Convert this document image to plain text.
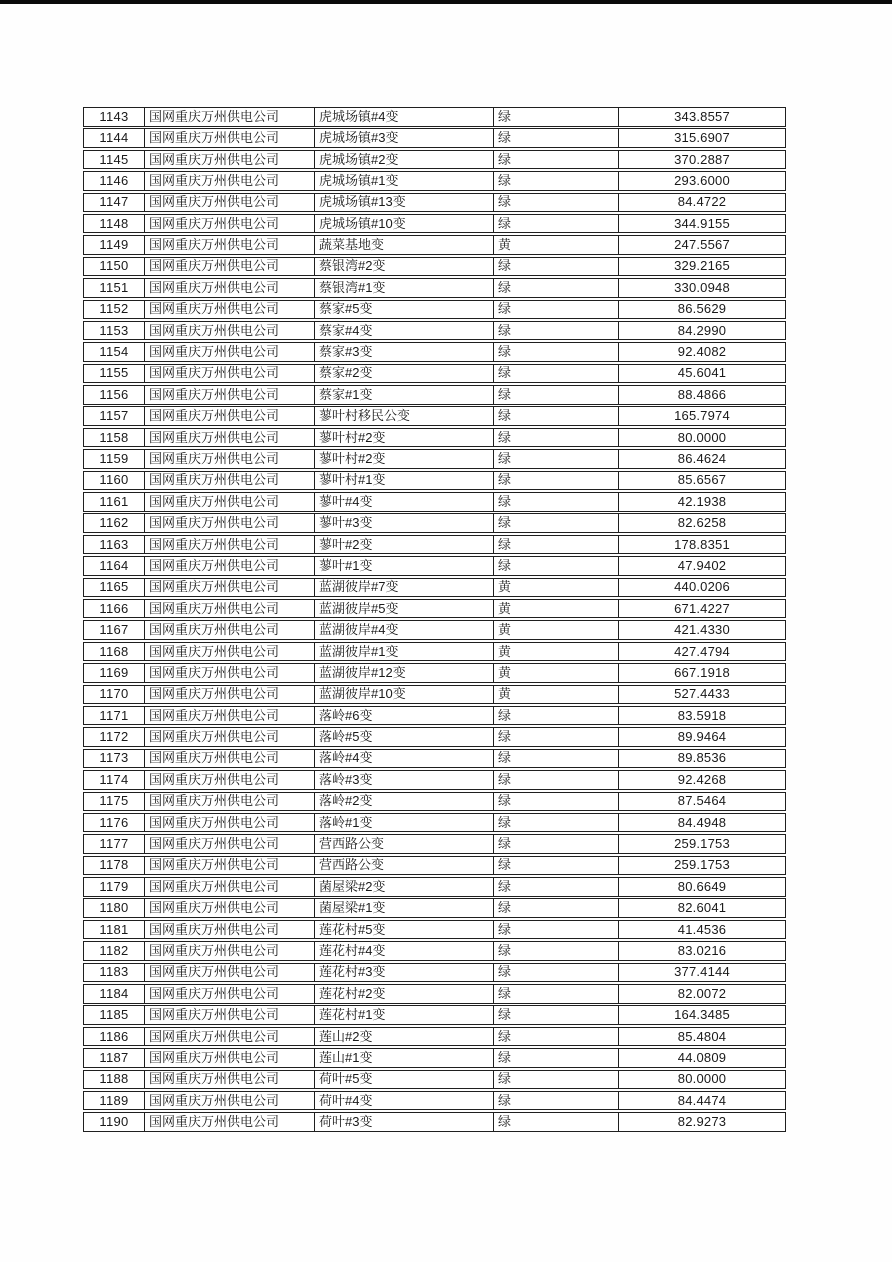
1143	国网重庆万州供电公司	虎城场镇#4变	绿	343.8557
1144	国网重庆万州供电公司	虎城场镇#3变	绿	315.6907
1145	国网重庆万州供电公司	虎城场镇#2变	绿	370.2887
1146	国网重庆万州供电公司	虎城场镇#1变	绿	293.6000
1147	国网重庆万州供电公司	虎城场镇#13变	绿	84.4722
1148	国网重庆万州供电公司	虎城场镇#10变	绿	344.9155
1149	国网重庆万州供电公司	蔬菜基地变	黄	247.5567
1150	国网重庆万州供电公司	蔡银湾#2变	绿	329.2165
1151	国网重庆万州供电公司	蔡银湾#1变	绿	330.0948
1152	国网重庆万州供电公司	蔡家#5变	绿	86.5629
1153	国网重庆万州供电公司	蔡家#4变	绿	84.2990
1154	国网重庆万州供电公司	蔡家#3变	绿	92.4082
1155	国网重庆万州供电公司	蔡家#2变	绿	45.6041
1156	国网重庆万州供电公司	蔡家#1变	绿	88.4866
1157	国网重庆万州供电公司	蓼叶村移民公变	绿	165.7974
1158	国网重庆万州供电公司	蓼叶村#2变	绿	80.0000
1159	国网重庆万州供电公司	蓼叶村#2变	绿	86.4624
1160	国网重庆万州供电公司	蓼叶村#1变	绿	85.6567
1161	国网重庆万州供电公司	蓼叶#4变	绿	42.1938
1162	国网重庆万州供电公司	蓼叶#3变	绿	82.6258
1163	国网重庆万州供电公司	蓼叶#2变	绿	178.8351
1164	国网重庆万州供电公司	蓼叶#1变	绿	47.9402
1165	国网重庆万州供电公司	蓝湖彼岸#7变	黄	440.0206
1166	国网重庆万州供电公司	蓝湖彼岸#5变	黄	671.4227
1167	国网重庆万州供电公司	蓝湖彼岸#4变	黄	421.4330
1168	国网重庆万州供电公司	蓝湖彼岸#1变	黄	427.4794
1169	国网重庆万州供电公司	蓝湖彼岸#12变	黄	667.1918
1170	国网重庆万州供电公司	蓝湖彼岸#10变	黄	527.4433
1171	国网重庆万州供电公司	落岭#6变	绿	83.5918
1172	国网重庆万州供电公司	落岭#5变	绿	89.9464
1173	国网重庆万州供电公司	落岭#4变	绿	89.8536
1174	国网重庆万州供电公司	落岭#3变	绿	92.4268
1175	国网重庆万州供电公司	落岭#2变	绿	87.5464
1176	国网重庆万州供电公司	落岭#1变	绿	84.4948
1177	国网重庆万州供电公司	营西路公变	绿	259.1753
1178	国网重庆万州供电公司	营西路公变	绿	259.1753
1179	国网重庆万州供电公司	菌屋梁#2变	绿	80.6649
1180	国网重庆万州供电公司	菌屋梁#1变	绿	82.6041
1181	国网重庆万州供电公司	莲花村#5变	绿	41.4536
1182	国网重庆万州供电公司	莲花村#4变	绿	83.0216
1183	国网重庆万州供电公司	莲花村#3变	绿	377.4144
1184	国网重庆万州供电公司	莲花村#2变	绿	82.0072
1185	国网重庆万州供电公司	莲花村#1变	绿	164.3485
1186	国网重庆万州供电公司	莲山#2变	绿	85.4804
1187	国网重庆万州供电公司	莲山#1变	绿	44.0809
1188	国网重庆万州供电公司	荷叶#5变	绿	80.0000
1189	国网重庆万州供电公司	荷叶#4变	绿	84.4474
1190	国网重庆万州供电公司	荷叶#3变	绿	82.9273
